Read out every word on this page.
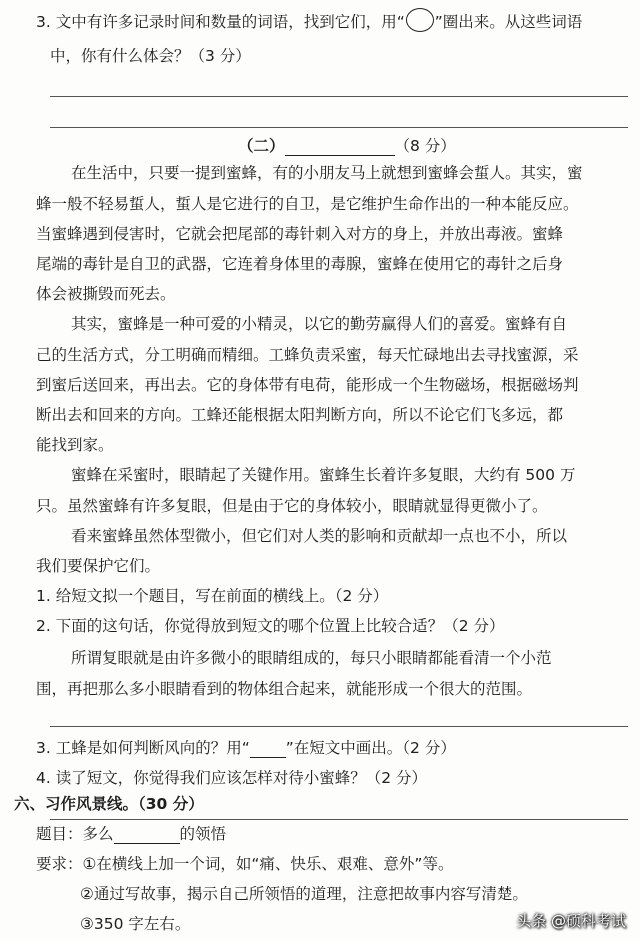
3. 文中有许多记录时间和数量的词语，找到它们，用“ ”圈出来。从这些词语
中，你有什么体会？（3 分）
（二）	（8 分）
在生活中，只要一提到蜜蜂，有的小朋友马上就想到蜜蜂会蜇人。其实，蜜
蜂一般不轻易蜇人，蜇人是它进行的自卫，是它维护生命作出的一种本能反应。
当蜜蜂遇到侵害时，它就会把尾部的毒针刺入对方的身上，并放出毒液。蜜蜂
尾端的毒针是自卫的武器，它连着身体里的毒腺，蜜蜂在使用它的毒针之后身
体会被撕毁而死去。
其实，蜜蜂是一种可爱的小精灵，以它的勤劳赢得人们的喜爱。蜜蜂有自
己的生活方式，分工明确而精细。工蜂负责采蜜，每天忙碌地出去寻找蜜源，采
到蜜后送回来，再出去。它的身体带有电荷，能形成一个生物磁场，根据磁场判
断出去和回来的方向。工蜂还能根据太阳判断方向，所以不论它们飞多远，都
能找到家。
蜜蜂在采蜜时，眼睛起了关键作用。蜜蜂生长着许多复眼，大约有 500 万
只。虽然蜜蜂有许多复眼，但是由于它的身体较小，眼睛就显得更微小了。
看来蜜蜂虽然体型微小，但它们对人类的影响和贡献却一点也不小，所以
我们要保护它们。
1. 给短文拟一个题目，写在前面的横线上。（2 分）
2. 下面的这句话，你觉得放到短文的哪个位置上比较合适？（2 分）
所谓复眼就是由许多微小的眼睛组成的，每只小眼睛都能看清一个小范
围，再把那么多小眼睛看到的物体组合起来，就能形成一个很大的范围。
3. 工蜂是如何判断风向的？用“ ”在短文中画出。（2 分）
4. 读了短文，你觉得我们应该怎样对待小蜜蜂？（2 分）
六、习作风景线。（30 分）
题目：多么	的领悟
要求：①在横线上加一个词，如“痛、快乐、艰难、意外”等。
②通过写故事，揭示自己所领悟的道理，注意把故事内容写清楚。
③350 字左右。	头条 @硕科考试
